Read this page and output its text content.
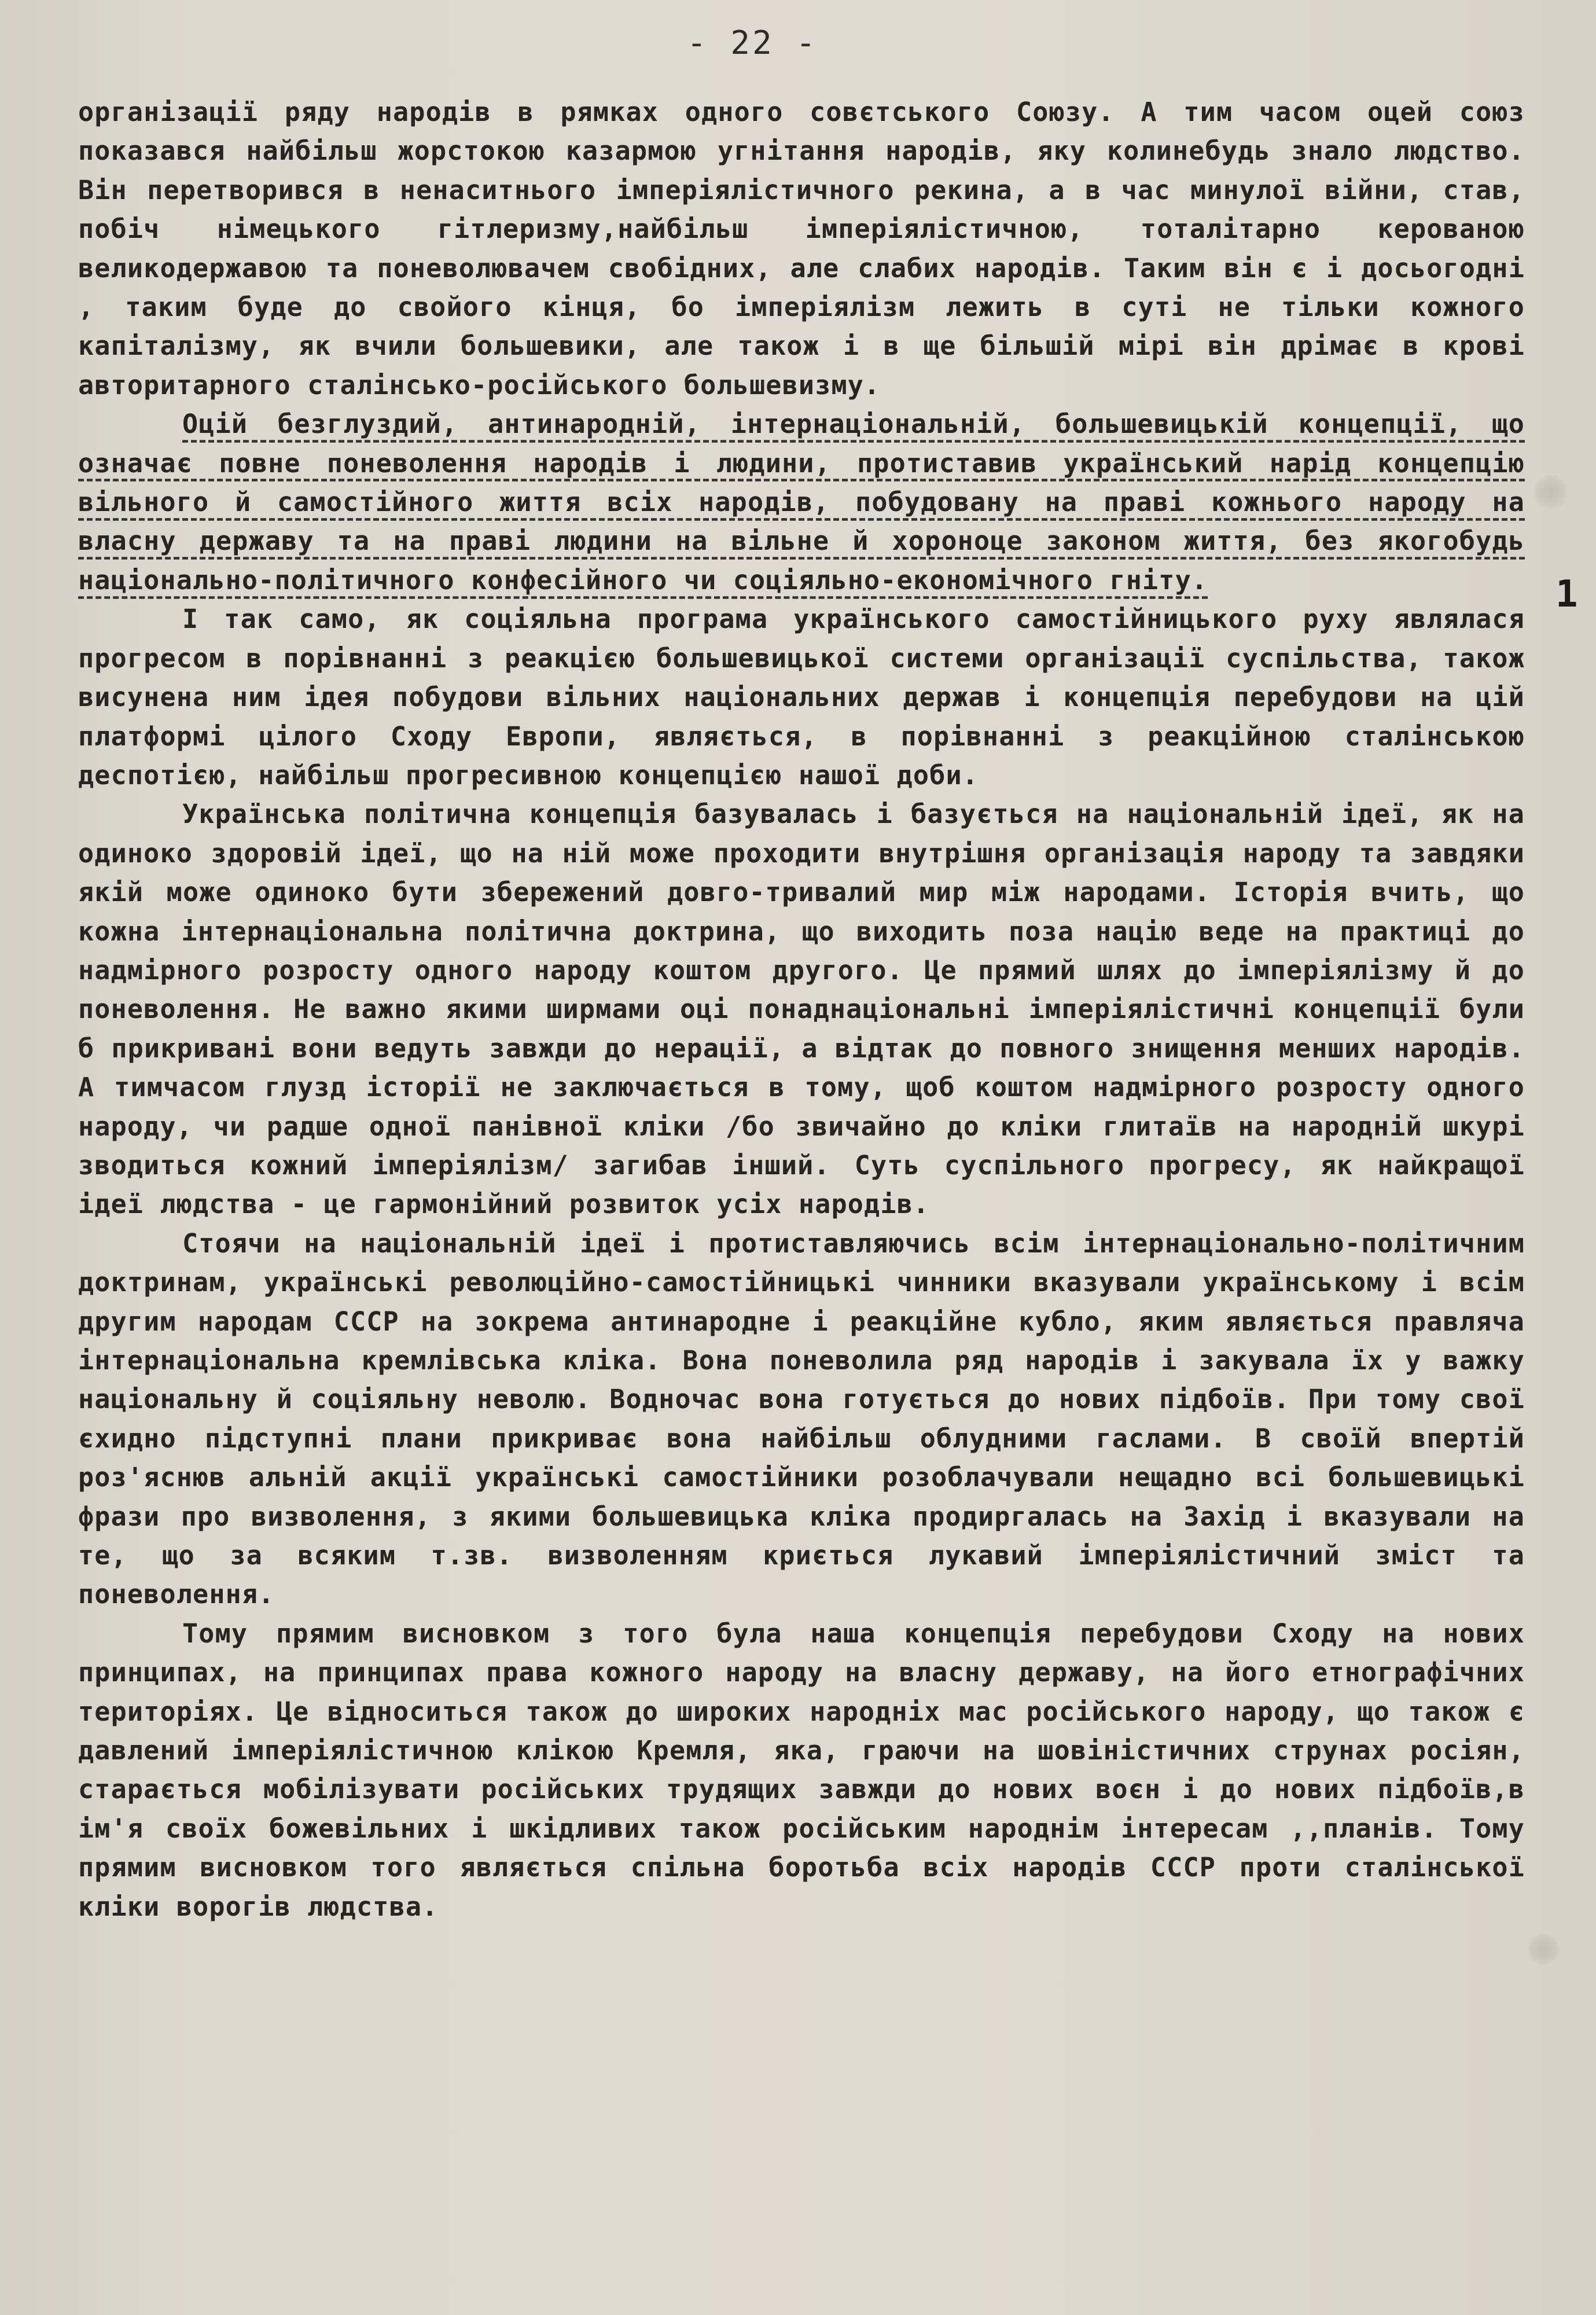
- 22 -
1

організації ряду народів в рямках одного совєтського Союзу. А тим часом оцей союз показався найбільш жорстокою казармою угнітання народів, яку колинебудь знало людство. Він перетворився в ненаситнього імперіялістичного рекина, а в час минулої війни, став, побіч німецького гітлеризму,найбільш імперіялістичною, тоталітарно керованою великодержавою та поневолювачем свобідних, але слабих народів. Таким він є і досьогодні , таким буде до свойого кінця, бо імперіялізм лежить в суті не тільки кожного капіталізму, як вчили большевики, але також і в ще більшій мірі він дрімає в крові авторитарного сталінсько-російського большевизму.

Оцій безглуздий, антинародній, інтернаціональній, большевицькій концепції, що означає повне поневолення народів і людини, протиставив український нарід концепцію вільного й самостійного життя всіх народів, побудовану на праві кожнього народу на власну державу та на праві людини на вільне й хороноце законом життя, без якогобудь національно-політичного конфесійного чи соціяльно-економічного гніту.

І так само, як соціяльна програма українського самостійницького руху являлася прогресом в порівнанні з реакцією большевицької системи організації суспільства, також висунена ним ідея побудови вільних національних держав і концепція перебудови на цій платформі цілого Сходу Европи, являється, в порівнанні з реакційною сталінською деспотією, найбільш прогресивною концепцією нашої доби.

Українська політична концепція базувалась і базується на національній ідеї, як на одиноко здоровій ідеї, що на ній може проходити внутрішня організація народу та завдяки якій може одиноко бути збережений довго-тривалий мир між народами. Історія вчить, що кожна інтернаціональна політична доктрина, що виходить поза націю веде на практиці до надмірного розросту одного народу коштом другого. Це прямий шлях до імперіялізму й до поневолення. Не важно якими ширмами оці понаднаціональні імперіялістичні концепції були б прикривані вони ведуть завжди до нерації, а відтак до повного знищення менших народів. А тимчасом глузд історії не заключається в тому, щоб коштом надмірного розросту одного народу, чи радше одної панівної кліки /бо звичайно до кліки глитаїв на народній шкурі зводиться кожний імперіялізм/ загибав інший. Суть суспільного прогресу, як найкращої ідеї людства - це гармонійний розвиток усіх народів.

Стоячи на національній ідеї і протиставляючись всім інтернаціонально-політичним доктринам, українські революційно-самостійницькі чинники вказували українському і всім другим народам СССР на зокрема антинародне і реакційне кубло, яким являється правляча інтернаціональна кремлівська кліка. Вона поневолила ряд народів і закувала їх у важку національну й соціяльну неволю. Водночас вона готується до нових підбоїв. При тому свої єхидно підступні плани прикриває вона найбільш облудними гаслами. В своїй впертій роз'яснюв альній акції українські самостійники розоблачували нещадно всі большевицькі фрази про визволення, з якими большевицька кліка продиргалась на Захід і вказували на те, що за всяким т.зв. визволенням криється лукавий імперіялістичний зміст та поневолення.

Тому прямим висновком з того була наша концепція перебудови Сходу на нових принципах, на принципах права кожного народу на власну державу, на його етнографічних територіях. Це відноситься також до широких народніх мас російського народу, що також є давлений імперіялістичною клікою Кремля, яка, граючи на шовіністичних струнах росіян, старається мобілізувати російських трудящих завжди до нових воєн і до нових підбоїв,в ім'я своїх божевільних і шкідливих також російським народнім інтересам ,,планів. Тому прямим висновком того являється спільна боротьба всіх народів СССР проти сталінської кліки ворогів людства.
